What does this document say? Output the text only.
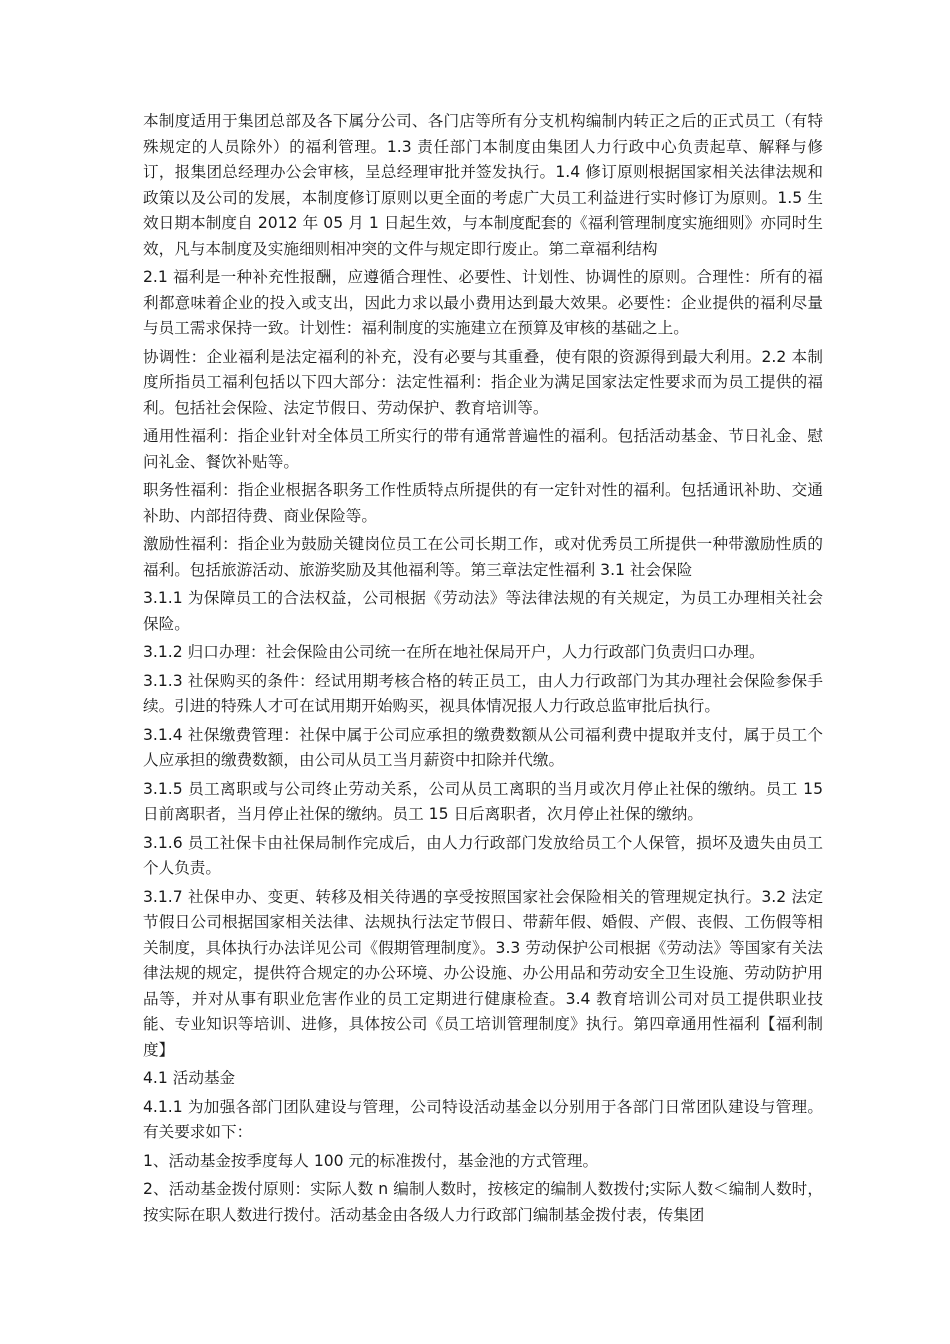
本制度适用于集团总部及各下属分公司、各门店等所有分支机构编制内转正之后的正式员工（有特殊规定的人员除外）的福利管理。1.3 责任部门本制度由集团人力行政中心负责起草、解释与修订，报集团总经理办公会审核，呈总经理审批并签发执行。1.4 修订原则根据国家相关法律法规和政策以及公司的发展，本制度修订原则以更全面的考虑广大员工利益进行实时修订为原则。1.5 生效日期本制度自 2012 年 05 月 1 日起生效，与本制度配套的《福利管理制度实施细则》亦同时生效，凡与本制度及实施细则相冲突的文件与规定即行废止。第二章福利结构

2.1 福利是一种补充性报酬，应遵循合理性、必要性、计划性、协调性的原则。合理性：所有的福利都意味着企业的投入或支出，因此力求以最小费用达到最大效果。必要性：企业提供的福利尽量与员工需求保持一致。计划性：福利制度的实施建立在预算及审核的基础之上。

协调性：企业福利是法定福利的补充，没有必要与其重叠，使有限的资源得到最大利用。2.2 本制度所指员工福利包括以下四大部分：法定性福利：指企业为满足国家法定性要求而为员工提供的福利。包括社会保险、法定节假日、劳动保护、教育培训等。

通用性福利：指企业针对全体员工所实行的带有通常普遍性的福利。包括活动基金、节日礼金、慰问礼金、餐饮补贴等。

职务性福利：指企业根据各职务工作性质特点所提供的有一定针对性的福利。包括通讯补助、交通补助、内部招待费、商业保险等。

激励性福利：指企业为鼓励关键岗位员工在公司长期工作，或对优秀员工所提供一种带激励性质的福利。包括旅游活动、旅游奖励及其他福利等。第三章法定性福利 3.1 社会保险

3.1.1 为保障员工的合法权益，公司根据《劳动法》等法律法规的有关规定，为员工办理相关社会保险。

3.1.2 归口办理：社会保险由公司统一在所在地社保局开户，人力行政部门负责归口办理。

3.1.3 社保购买的条件：经试用期考核合格的转正员工，由人力行政部门为其办理社会保险参保手续。引进的特殊人才可在试用期开始购买，视具体情况报人力行政总监审批后执行。

3.1.4 社保缴费管理：社保中属于公司应承担的缴费数额从公司福利费中提取并支付，属于员工个人应承担的缴费数额，由公司从员工当月薪资中扣除并代缴。

3.1.5 员工离职或与公司终止劳动关系，公司从员工离职的当月或次月停止社保的缴纳。员工 15 日前离职者，当月停止社保的缴纳。员工 15 日后离职者，次月停止社保的缴纳。

3.1.6 员工社保卡由社保局制作完成后，由人力行政部门发放给员工个人保管，损坏及遗失由员工个人负责。

3.1.7 社保申办、变更、转移及相关待遇的享受按照国家社会保险相关的管理规定执行。3.2 法定节假日公司根据国家相关法律、法规执行法定节假日、带薪年假、婚假、产假、丧假、工伤假等相关制度，具体执行办法详见公司《假期管理制度》。3.3 劳动保护公司根据《劳动法》等国家有关法律法规的规定，提供符合规定的办公环境、办公设施、办公用品和劳动安全卫生设施、劳动防护用品等，并对从事有职业危害作业的员工定期进行健康检查。3.4 教育培训公司对员工提供职业技能、专业知识等培训、进修，具体按公司《员工培训管理制度》执行。第四章通用性福利【福利制度】

4.1 活动基金

4.1.1 为加强各部门团队建设与管理，公司特设活动基金以分别用于各部门日常团队建设与管理。有关要求如下：

1、活动基金按季度每人 100 元的标准拨付，基金池的方式管理。

2、活动基金拨付原则：实际人数 n 编制人数时，按核定的编制人数拨付;实际人数＜编制人数时，按实际在职人数进行拨付。活动基金由各级人力行政部门编制基金拨付表，传集团
